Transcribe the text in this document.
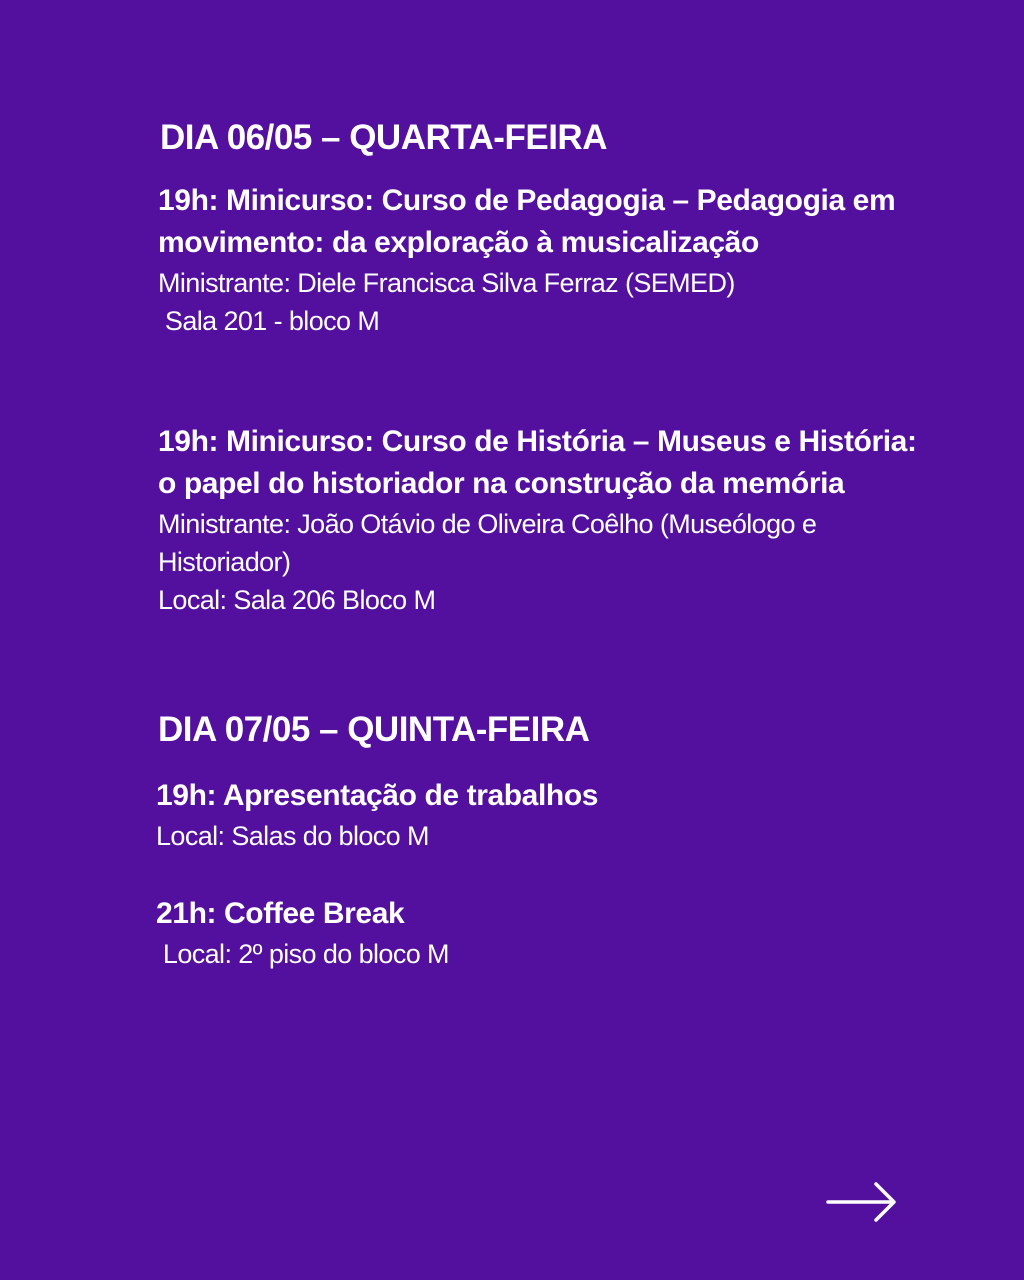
DIA 06/05 – QUARTA-FEIRA

19h: Minicurso: Curso de Pedagogia – Pedagogia em movimento: da exploração à musicalização

Ministrante: Diele Francisca Silva Ferraz (SEMED)

Sala 201 - bloco M

19h: Minicurso: Curso de História – Museus e História: o papel do historiador na construção da memória

Ministrante: João Otávio de Oliveira Coêlho (Museólogo e Historiador)

Local: Sala 206 Bloco M

DIA 07/05 – QUINTA-FEIRA

19h: Apresentação de trabalhos

Local: Salas do bloco M

21h: Coffee Break

Local: 2º piso do bloco M
